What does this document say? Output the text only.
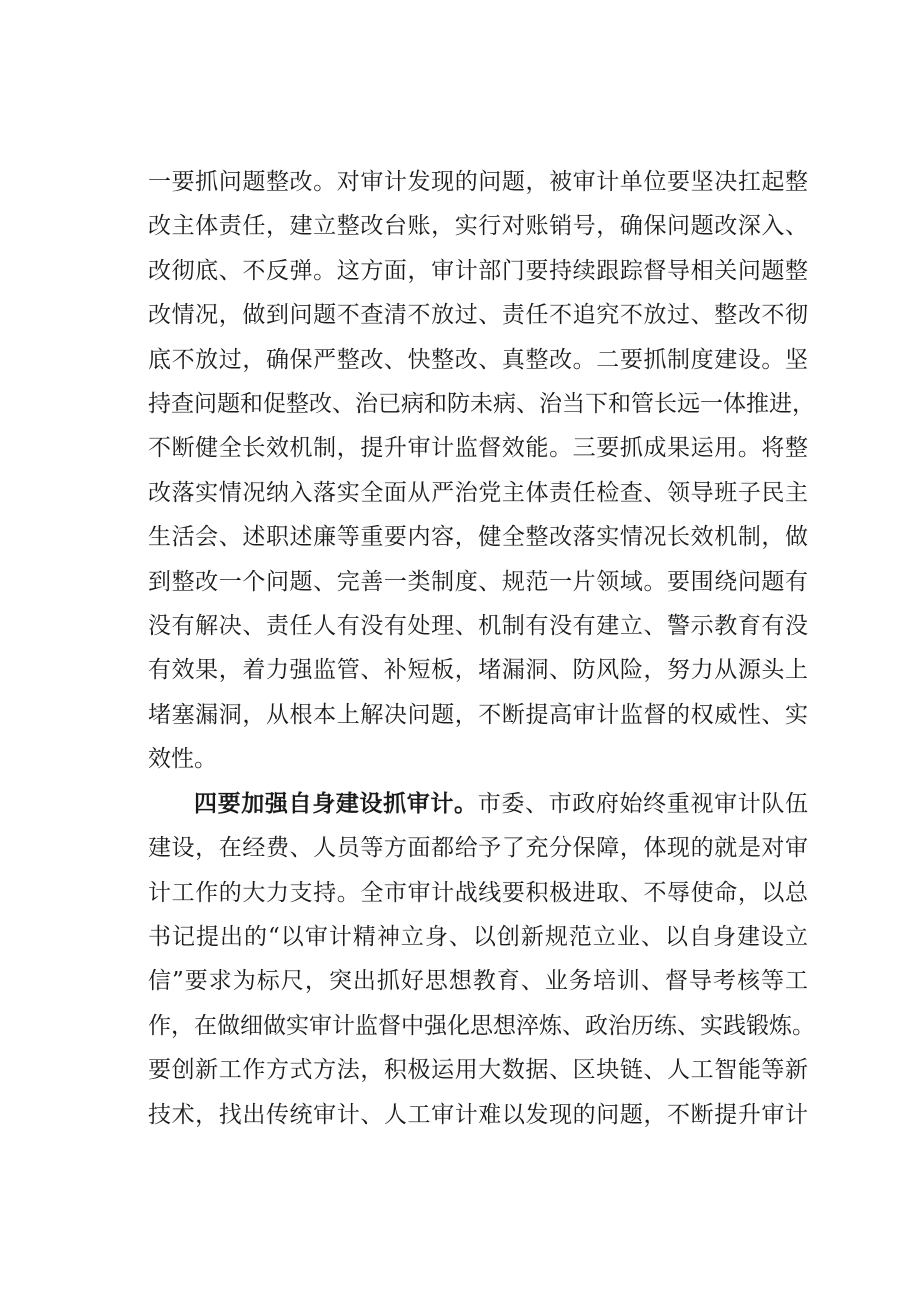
一要抓问题整改。对审计发现的问题，被审计单位要坚决扛起整
改主体责任，建立整改台账，实行对账销号，确保问题改深入、
改彻底、不反弹。这方面，审计部门要持续跟踪督导相关问题整
改情况，做到问题不查清不放过、责任不追究不放过、整改不彻
底不放过，确保严整改、快整改、真整改。二要抓制度建设。坚
持查问题和促整改、治已病和防未病、治当下和管长远一体推进，
不断健全长效机制，提升审计监督效能。三要抓成果运用。将整
改落实情况纳入落实全面从严治党主体责任检查、领导班子民主
生活会、述职述廉等重要内容，健全整改落实情况长效机制，做
到整改一个问题、完善一类制度、规范一片领域。要围绕问题有
没有解决、责任人有没有处理、机制有没有建立、警示教育有没
有效果，着力强监管、补短板，堵漏洞、防风险，努力从源头上
堵塞漏洞，从根本上解决问题，不断提高审计监督的权威性、实
效性。
四要加强自身建设抓审计。市委、市政府始终重视审计队伍
建设，在经费、人员等方面都给予了充分保障，体现的就是对审
计工作的大力支持。全市审计战线要积极进取、不辱使命，以总
书记提出的“以审计精神立身、以创新规范立业、以自身建设立
信”要求为标尺，突出抓好思想教育、业务培训、督导考核等工
作，在做细做实审计监督中强化思想淬炼、政治历练、实践锻炼。
要创新工作方式方法，积极运用大数据、区块链、人工智能等新
技术，找出传统审计、人工审计难以发现的问题，不断提升审计
